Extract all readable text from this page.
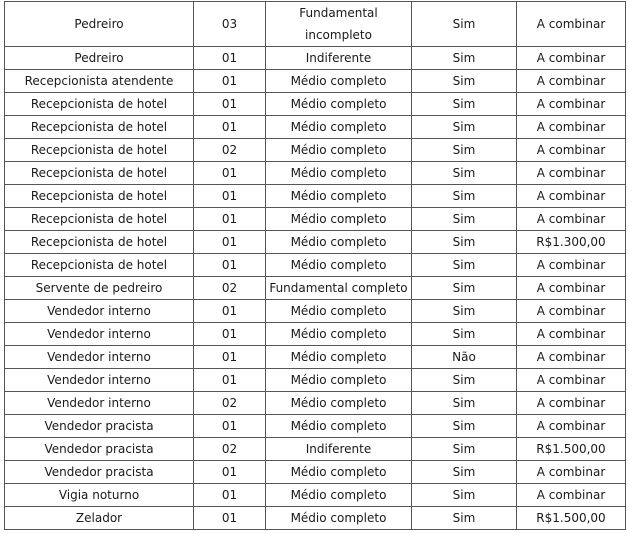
Pedreiro	03	Fundamental incompleto	Sim	A combinar
Pedreiro	01	Indiferente	Sim	A combinar
Recepcionista atendente	01	Médio completo	Sim	A combinar
Recepcionista de hotel	01	Médio completo	Sim	A combinar
Recepcionista de hotel	01	Médio completo	Sim	A combinar
Recepcionista de hotel	02	Médio completo	Sim	A combinar
Recepcionista de hotel	01	Médio completo	Sim	A combinar
Recepcionista de hotel	01	Médio completo	Sim	A combinar
Recepcionista de hotel	01	Médio completo	Sim	A combinar
Recepcionista de hotel	01	Médio completo	Sim	R$1.300,00
Recepcionista de hotel	01	Médio completo	Sim	A combinar
Servente de pedreiro	02	Fundamental completo	Sim	A combinar
Vendedor interno	01	Médio completo	Sim	A combinar
Vendedor interno	01	Médio completo	Sim	A combinar
Vendedor interno	01	Médio completo	Não	A combinar
Vendedor interno	01	Médio completo	Sim	A combinar
Vendedor interno	02	Médio completo	Sim	A combinar
Vendedor pracista	01	Médio completo	Sim	A combinar
Vendedor pracista	02	Indiferente	Sim	R$1.500,00
Vendedor pracista	01	Médio completo	Sim	A combinar
Vigia noturno	01	Médio completo	Sim	A combinar
Zelador	01	Médio completo	Sim	R$1.500,00
